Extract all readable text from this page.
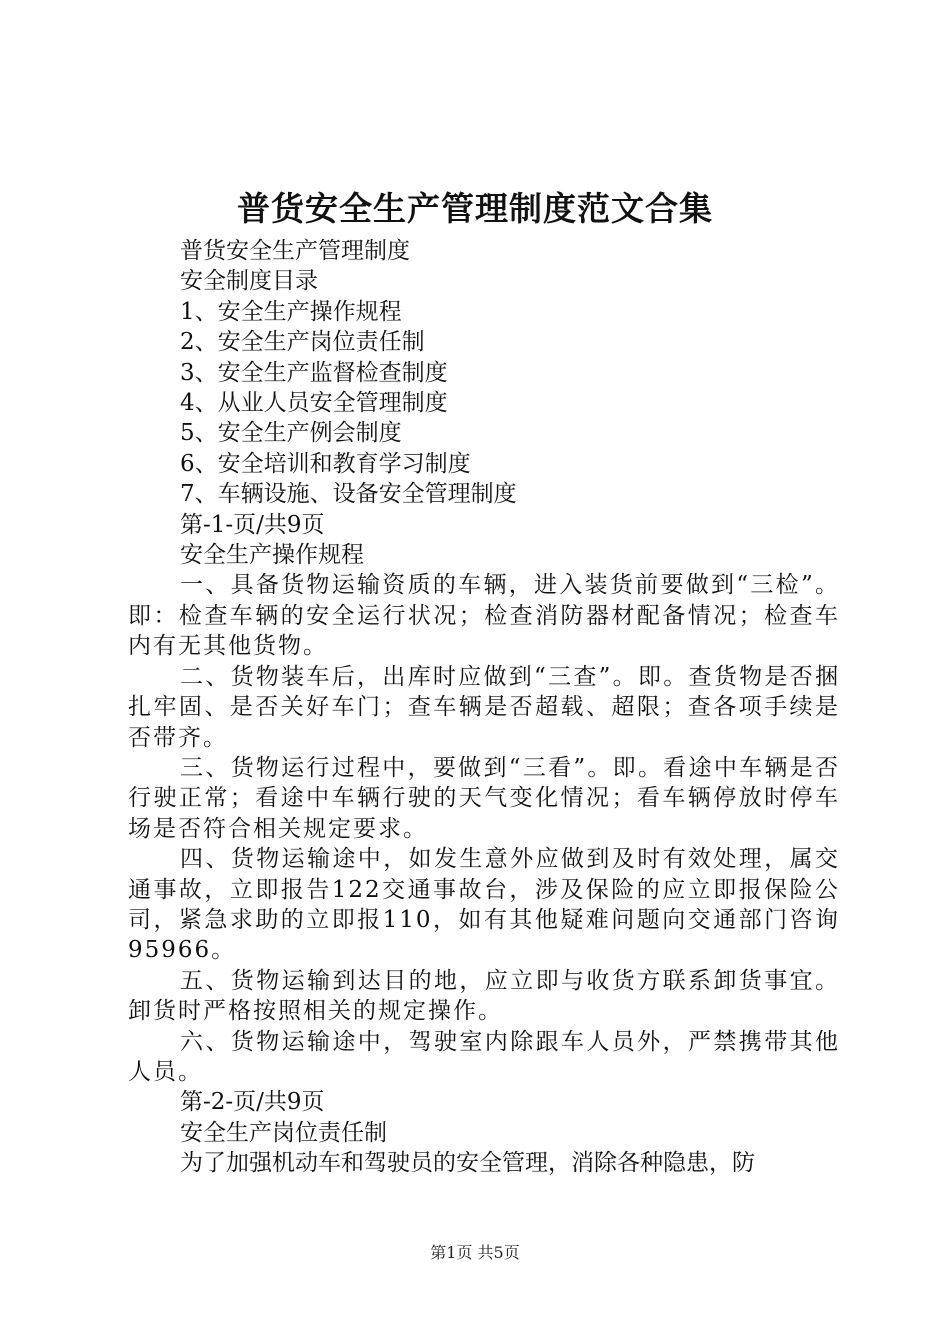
普货安全生产管理制度范文合集

普货安全生产管理制度

安全制度目录

1、安全生产操作规程

2、安全生产岗位责任制

3、安全生产监督检查制度

4、从业人员安全管理制度

5、安全生产例会制度

6、安全培训和教育学习制度

7、车辆设施、设备安全管理制度

第-1-页/共9页

安全生产操作规程

一、具备货物运输资质的车辆，进入装货前要做到“三检”。即：检查车辆的安全运行状况；检查消防器材配备情况；检查车内有无其他货物。

二、货物装车后，出库时应做到“三查”。即。查货物是否捆扎牢固、是否关好车门；查车辆是否超载、超限；查各项手续是否带齐。

三、货物运行过程中，要做到“三看”。即。看途中车辆是否行驶正常；看途中车辆行驶的天气变化情况；看车辆停放时停车场是否符合相关规定要求。

四、货物运输途中，如发生意外应做到及时有效处理，属交通事故，立即报告122交通事故台，涉及保险的应立即报保险公司，紧急求助的立即报110，如有其他疑难问题向交通部门咨询95966。

五、货物运输到达目的地，应立即与收货方联系卸货事宜。卸货时严格按照相关的规定操作。

六、货物运输途中，驾驶室内除跟车人员外，严禁携带其他人员。

第-2-页/共9页

安全生产岗位责任制

为了加强机动车和驾驶员的安全管理，消除各种隐患，防

第1页 共5页
